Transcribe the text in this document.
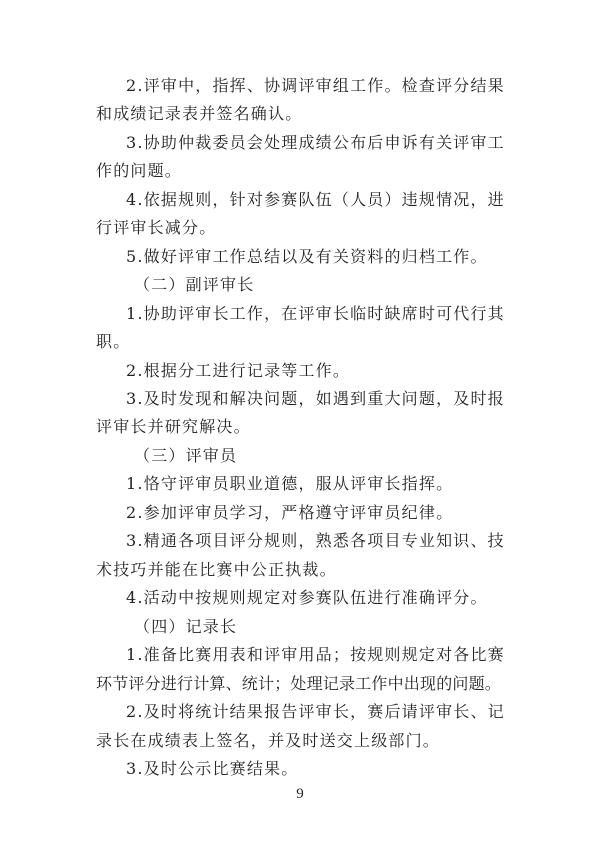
2.评审中，指挥、协调评审组工作。检查评分结果
和成绩记录表并签名确认。
3.协助仲裁委员会处理成绩公布后申诉有关评审工
作的问题。
4.依据规则，针对参赛队伍（人员）违规情况，进
行评审长减分。
5.做好评审工作总结以及有关资料的归档工作。
（二）副评审长
1.协助评审长工作，在评审长临时缺席时可代行其
职。
2.根据分工进行记录等工作。
3.及时发现和解决问题，如遇到重大问题，及时报
评审长并研究解决。
（三）评审员
1.恪守评审员职业道德，服从评审长指挥。
2.参加评审员学习，严格遵守评审员纪律。
3.精通各项目评分规则，熟悉各项目专业知识、技
术技巧并能在比赛中公正执裁。
4.活动中按规则规定对参赛队伍进行准确评分。
（四）记录长
1.准备比赛用表和评审用品；按规则规定对各比赛
环节评分进行计算、统计；处理记录工作中出现的问题。
2.及时将统计结果报告评审长，赛后请评审长、记
录长在成绩表上签名，并及时送交上级部门。
3.及时公示比赛结果。
9
